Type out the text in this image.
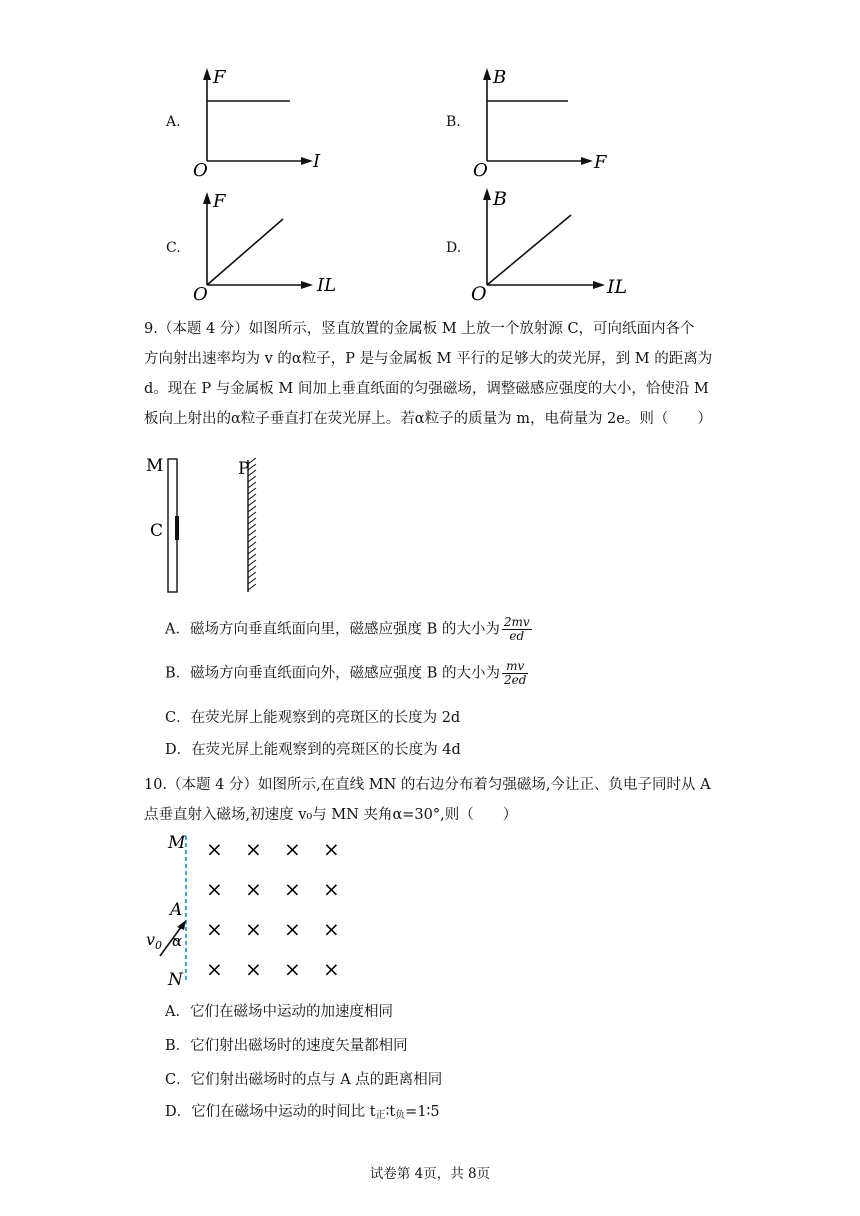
A.	B.
C.	D.
F
O	I
B
O	F
F
O	IL
B
O	IL
9.（本题 4 分）如图所示，竖直放置的金属板 M 上放一个放射源 C，可向纸面内各个
方向射出速率均为 v 的α粒子，P 是与金属板 M 平行的足够大的荧光屏，到 M 的距离为
d。现在 P 与金属板 M 间加上垂直纸面的匀强磁场，调整磁感应强度的大小，恰使沿 M
板向上射出的α粒子垂直打在荧光屏上。若α粒子的质量为 m，电荷量为 2e。则（　　）
M
C
P
A．磁场方向垂直纸面向里，磁感应强度 B 的大小为 $\frac{2mv}{ed}$
B．磁场方向垂直纸面向外，磁感应强度 B 的大小为 $\frac{mv}{2ed}$
C．在荧光屏上能观察到的亮斑区的长度为 2d
D．在荧光屏上能观察到的亮斑区的长度为 4d
10.（本题 4 分）如图所示,在直线 MN 的右边分布着匀强磁场,今让正、负电子同时从 A
点垂直射入磁场,初速度 v₀与 MN 夹角α=30°,则（　　）
M
N
A
$v_0$ α
× × × ×
× × × ×
× × × ×
× × × ×
A．它们在磁场中运动的加速度相同
B．它们射出磁场时的速度矢量都相同
C．它们射出磁场时的点与 A 点的距离相同
D．它们在磁场中运动的时间比 $t_正∶t_负=1∶5$
试卷第 4页，共 8页
